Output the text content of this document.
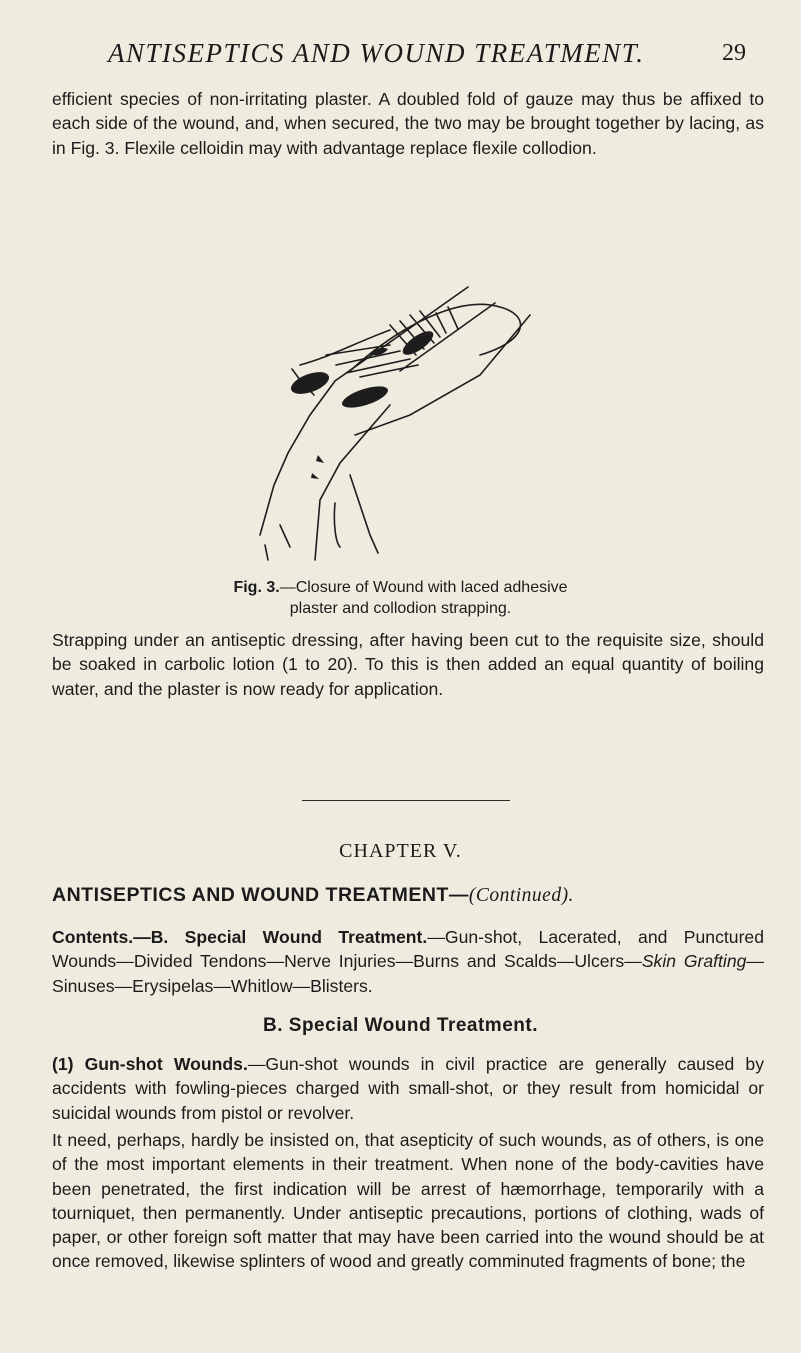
ANTISEPTICS AND WOUND TREATMENT.	29

efficient species of non-irritating plaster. A doubled fold of gauze may thus be affixed to each side of the wound, and, when secured, the two may be brought together by lacing, as in Fig. 3. Flexile celloidin may with advantage replace flexile collodion.

Fig. 3.—Closure of Wound with laced adhesive
plaster and collodion strapping.

Strapping under an antiseptic dressing, after having been cut to the requisite size, should be soaked in carbolic lotion (1 to 20). To this is then added an equal quantity of boiling water, and the plaster is now ready for application.

CHAPTER V.
ANTISEPTICS AND WOUND TREATMENT—(Continued).

Contents.—B. Special Wound Treatment.—Gun-shot, Lacerated, and Punctured Wounds—Divided Tendons—Nerve Injuries—Burns and Scalds—Ulcers—Skin Grafting—Sinuses—Erysipelas—Whitlow—Blisters.

B. Special Wound Treatment.

(1) Gun-shot Wounds.—Gun-shot wounds in civil practice are generally caused by accidents with fowling-pieces charged with small-shot, or they result from homicidal or suicidal wounds from pistol or revolver.

It need, perhaps, hardly be insisted on, that asepticity of such wounds, as of others, is one of the most important elements in their treatment. When none of the body-cavities have been penetrated, the first indication will be arrest of hæmorrhage, temporarily with a tourniquet, then permanently. Under antiseptic precautions, portions of clothing, wads of paper, or other foreign soft matter that may have been carried into the wound should be at once removed, likewise splinters of wood and greatly comminuted fragments of bone; the
